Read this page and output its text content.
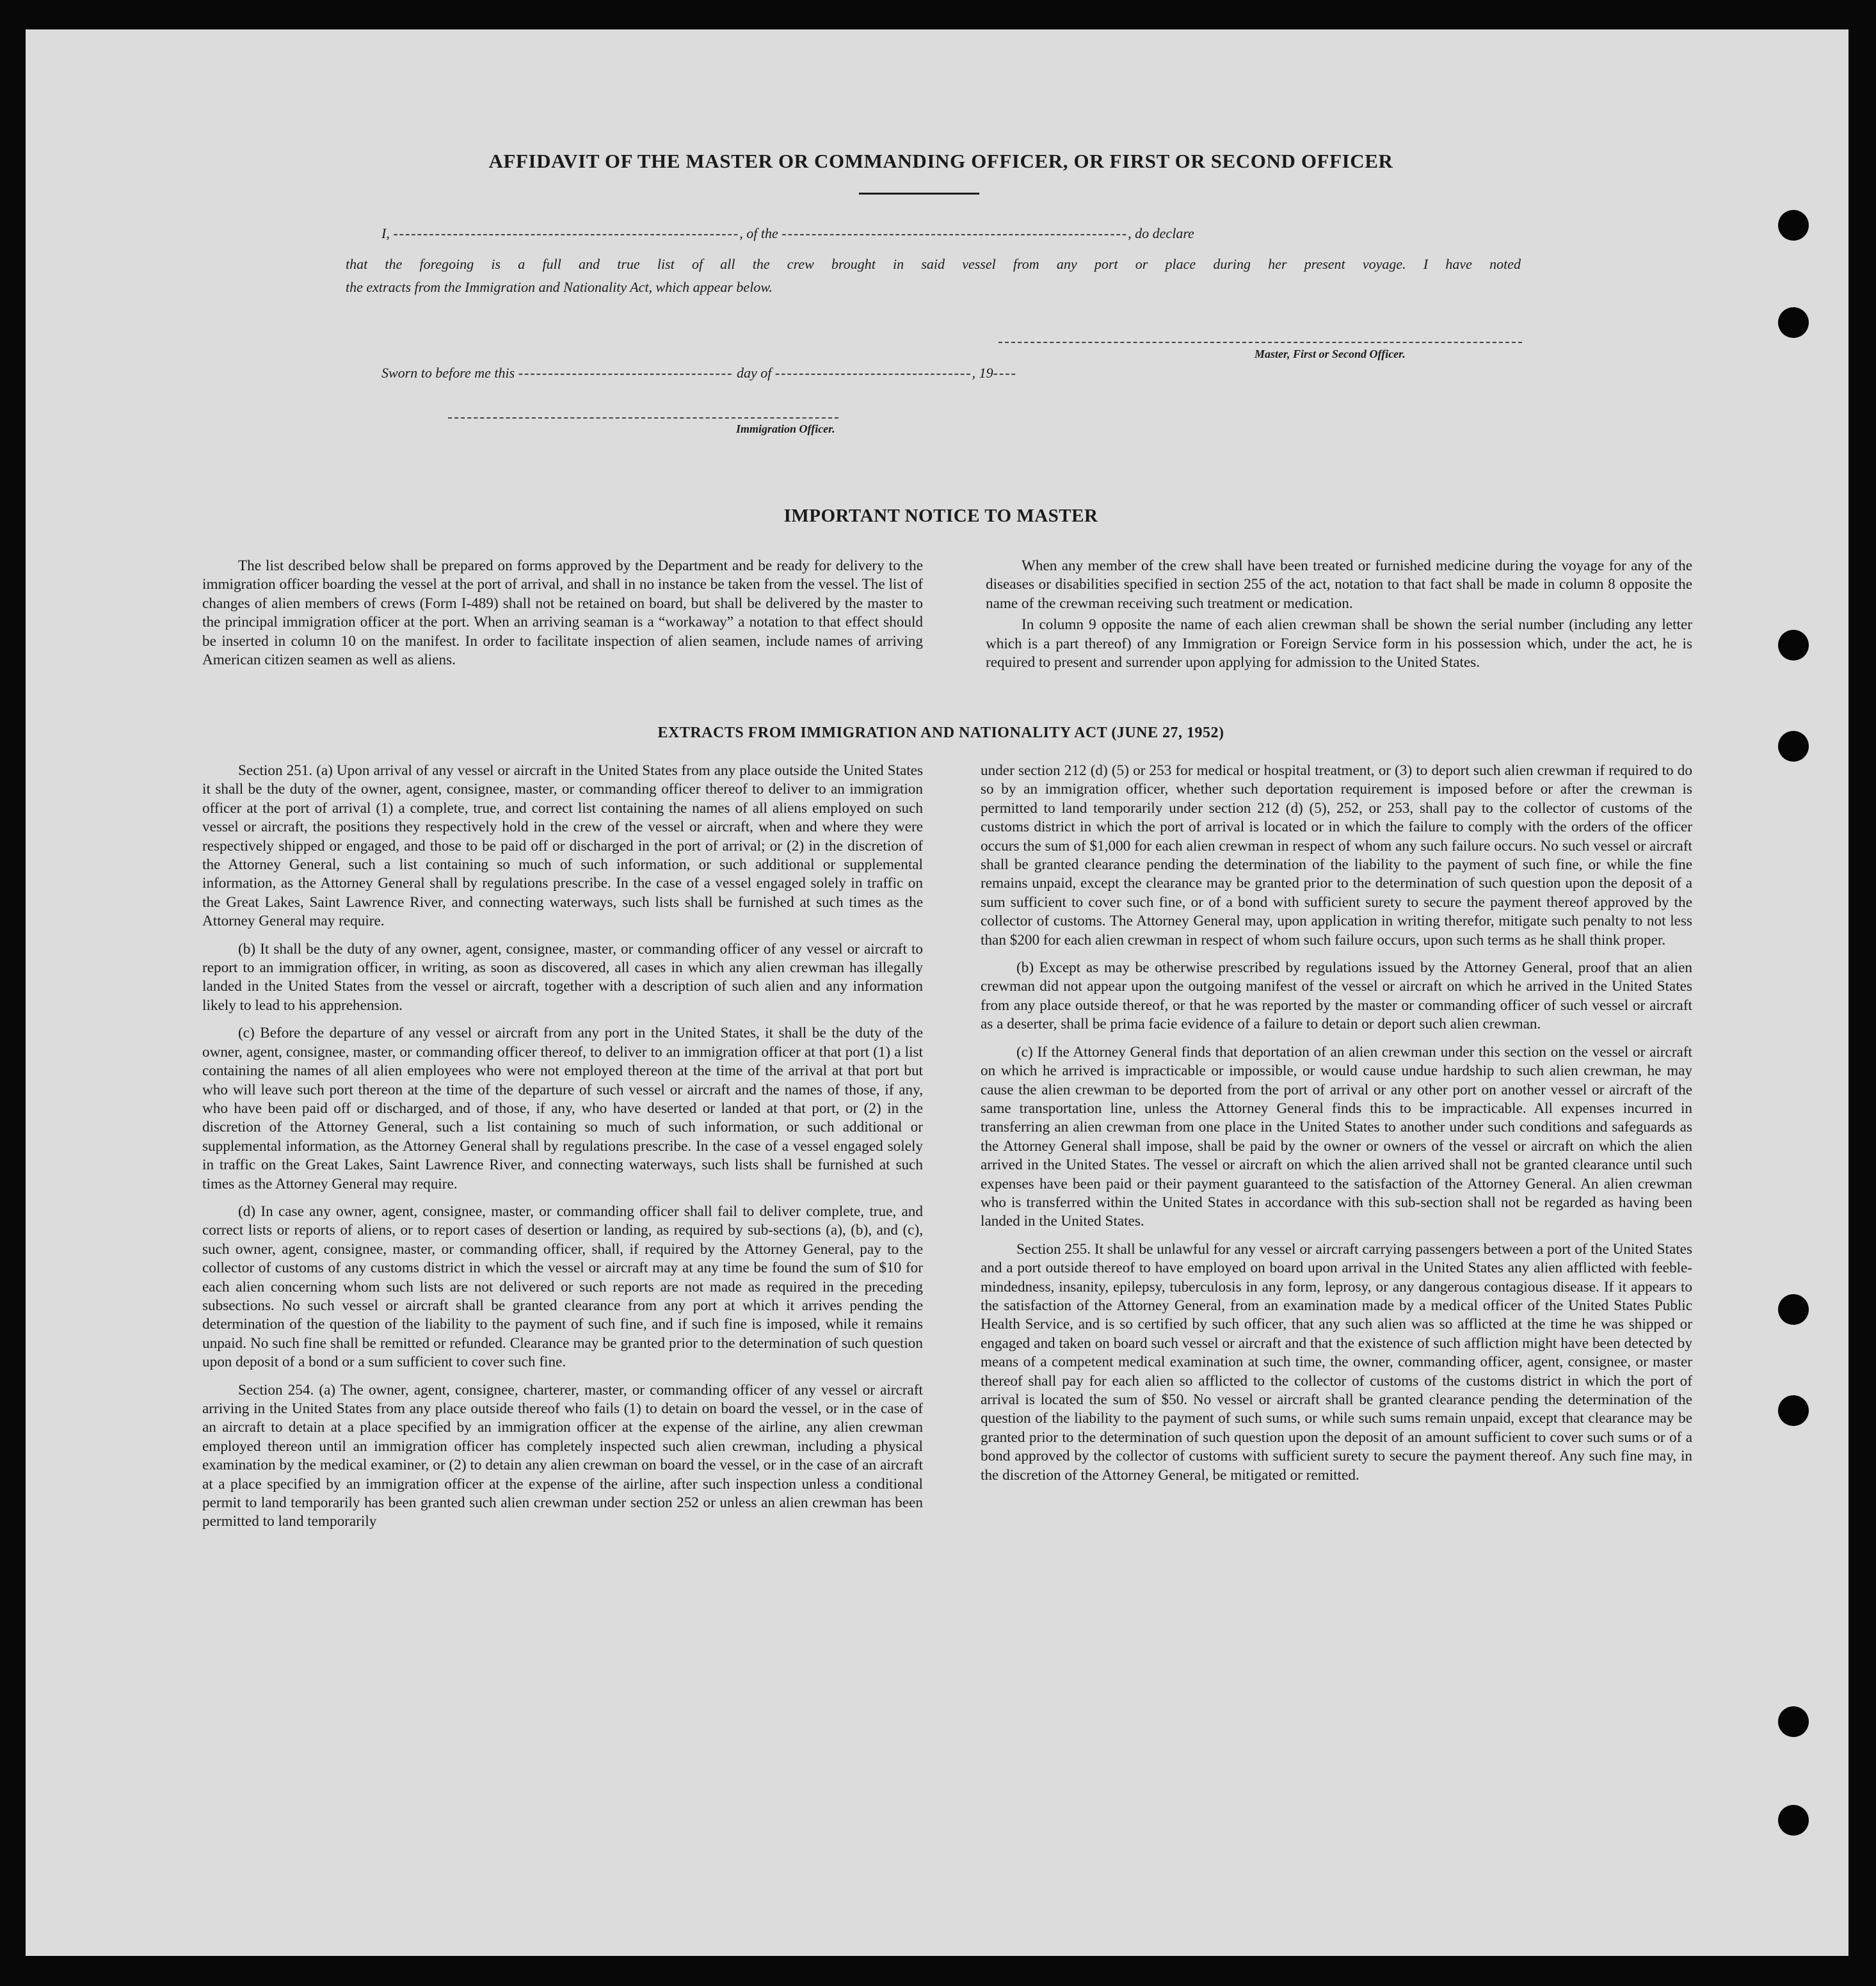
AFFIDAVIT OF THE MASTER OR COMMANDING OFFICER, OR FIRST OR SECOND OFFICER
I, ----------------------------------------------------------, of the ----------------------------------------------------------, do declare
that the foregoing is a full and true list of all the crew brought in said vessel from any port or place during her present voyage. I have noted
the extracts from the Immigration and Nationality Act, which appear below.
Master, First or Second Officer.
Sworn to before me this ------------------------------------ day of ---------------------------------, 19----
Immigration Officer.
IMPORTANT NOTICE TO MASTER

The list described below shall be prepared on forms approved by the Department and be ready for delivery to the immigration officer boarding the vessel at the port of arrival, and shall in no instance be taken from the vessel. The list of changes of alien members of crews (Form I-489) shall not be retained on board, but shall be delivered by the master to the principal immigration officer at the port. When an arriving seaman is a “workaway” a notation to that effect should be inserted in column 10 on the manifest. In order to facilitate inspection of alien seamen, include names of arriving American citizen seamen as well as aliens.

When any member of the crew shall have been treated or furnished medicine during the voyage for any of the diseases or disabilities specified in section 255 of the act, notation to that fact shall be made in column 8 opposite the name of the crewman receiving such treatment or medication.

In column 9 opposite the name of each alien crewman shall be shown the serial number (including any letter which is a part thereof) of any Immigration or Foreign Service form in his possession which, under the act, he is required to present and surrender upon applying for admission to the United States.

EXTRACTS FROM IMMIGRATION AND NATIONALITY ACT (JUNE 27, 1952)

Section 251. (a) Upon arrival of any vessel or aircraft in the United States from any place outside the United States it shall be the duty of the owner, agent, consignee, master, or commanding officer thereof to deliver to an immigration officer at the port of arrival (1) a complete, true, and correct list containing the names of all aliens employed on such vessel or aircraft, the positions they respectively hold in the crew of the vessel or aircraft, when and where they were respectively shipped or engaged, and those to be paid off or discharged in the port of arrival; or (2) in the discretion of the Attorney General, such a list containing so much of such information, or such additional or supplemental information, as the Attorney General shall by regulations prescribe. In the case of a vessel engaged solely in traffic on the Great Lakes, Saint Lawrence River, and connecting waterways, such lists shall be furnished at such times as the Attorney General may require.

(b) It shall be the duty of any owner, agent, consignee, master, or commanding officer of any vessel or aircraft to report to an immigration officer, in writing, as soon as discovered, all cases in which any alien crewman has illegally landed in the United States from the vessel or aircraft, together with a description of such alien and any information likely to lead to his apprehension.

(c) Before the departure of any vessel or aircraft from any port in the United States, it shall be the duty of the owner, agent, consignee, master, or commanding officer thereof, to deliver to an immigration officer at that port (1) a list containing the names of all alien employees who were not employed thereon at the time of the arrival at that port but who will leave such port thereon at the time of the departure of such vessel or aircraft and the names of those, if any, who have been paid off or discharged, and of those, if any, who have deserted or landed at that port, or (2) in the discretion of the Attorney General, such a list containing so much of such information, or such additional or supplemental information, as the Attorney General shall by regulations prescribe. In the case of a vessel engaged solely in traffic on the Great Lakes, Saint Lawrence River, and connecting waterways, such lists shall be furnished at such times as the Attorney General may require.

(d) In case any owner, agent, consignee, master, or commanding officer shall fail to deliver complete, true, and correct lists or reports of aliens, or to report cases of desertion or landing, as required by sub-sections (a), (b), and (c), such owner, agent, consignee, master, or commanding officer, shall, if required by the Attorney General, pay to the collector of customs of any customs district in which the vessel or aircraft may at any time be found the sum of $10 for each alien concerning whom such lists are not delivered or such reports are not made as required in the preceding subsections. No such vessel or aircraft shall be granted clearance from any port at which it arrives pending the determination of the question of the liability to the payment of such fine, and if such fine is imposed, while it remains unpaid. No such fine shall be remitted or refunded. Clearance may be granted prior to the determination of such question upon deposit of a bond or a sum sufficient to cover such fine.

Section 254. (a) The owner, agent, consignee, charterer, master, or commanding officer of any vessel or aircraft arriving in the United States from any place outside thereof who fails (1) to detain on board the vessel, or in the case of an aircraft to detain at a place specified by an immigration officer at the expense of the airline, any alien crewman employed thereon until an immigration officer has completely inspected such alien crewman, including a physical examination by the medical examiner, or (2) to detain any alien crewman on board the vessel, or in the case of an aircraft at a place specified by an immigration officer at the expense of the airline, after such inspection unless a conditional permit to land temporarily has been granted such alien crewman under section 252 or unless an alien crewman has been permitted to land temporarily

under section 212 (d) (5) or 253 for medical or hospital treatment, or (3) to deport such alien crewman if required to do so by an immigration officer, whether such deportation requirement is imposed before or after the crewman is permitted to land temporarily under section 212 (d) (5), 252, or 253, shall pay to the collector of customs of the customs district in which the port of arrival is located or in which the failure to comply with the orders of the officer occurs the sum of $1,000 for each alien crewman in respect of whom any such failure occurs. No such vessel or aircraft shall be granted clearance pending the determination of the liability to the payment of such fine, or while the fine remains unpaid, except the clearance may be granted prior to the determination of such question upon the deposit of a sum sufficient to cover such fine, or of a bond with sufficient surety to secure the payment thereof approved by the collector of customs. The Attorney General may, upon application in writing therefor, mitigate such penalty to not less than $200 for each alien crewman in respect of whom such failure occurs, upon such terms as he shall think proper.

(b) Except as may be otherwise prescribed by regulations issued by the Attorney General, proof that an alien crewman did not appear upon the outgoing manifest of the vessel or aircraft on which he arrived in the United States from any place outside thereof, or that he was reported by the master or commanding officer of such vessel or aircraft as a deserter, shall be prima facie evidence of a failure to detain or deport such alien crewman.

(c) If the Attorney General finds that deportation of an alien crewman under this section on the vessel or aircraft on which he arrived is impracticable or impossible, or would cause undue hardship to such alien crewman, he may cause the alien crewman to be deported from the port of arrival or any other port on another vessel or aircraft of the same transportation line, unless the Attorney General finds this to be impracticable. All expenses incurred in transferring an alien crewman from one place in the United States to another under such conditions and safeguards as the Attorney General shall impose, shall be paid by the owner or owners of the vessel or aircraft on which the alien arrived in the United States. The vessel or aircraft on which the alien arrived shall not be granted clearance until such expenses have been paid or their payment guaranteed to the satisfaction of the Attorney General. An alien crewman who is transferred within the United States in accordance with this sub-section shall not be regarded as having been landed in the United States.

Section 255. It shall be unlawful for any vessel or aircraft carrying passengers between a port of the United States and a port outside thereof to have employed on board upon arrival in the United States any alien afflicted with feeble-mindedness, insanity, epilepsy, tuberculosis in any form, leprosy, or any dangerous contagious disease. If it appears to the satisfaction of the Attorney General, from an examination made by a medical officer of the United States Public Health Service, and is so certified by such officer, that any such alien was so afflicted at the time he was shipped or engaged and taken on board such vessel or aircraft and that the existence of such affliction might have been detected by means of a competent medical examination at such time, the owner, commanding officer, agent, consignee, or master thereof shall pay for each alien so afflicted to the collector of customs of the customs district in which the port of arrival is located the sum of $50. No vessel or aircraft shall be granted clearance pending the determination of the question of the liability to the payment of such sums, or while such sums remain unpaid, except that clearance may be granted prior to the determination of such question upon the deposit of an amount sufficient to cover such sums or of a bond approved by the collector of customs with sufficient surety to secure the payment thereof. Any such fine may, in the discretion of the Attorney General, be mitigated or remitted.
